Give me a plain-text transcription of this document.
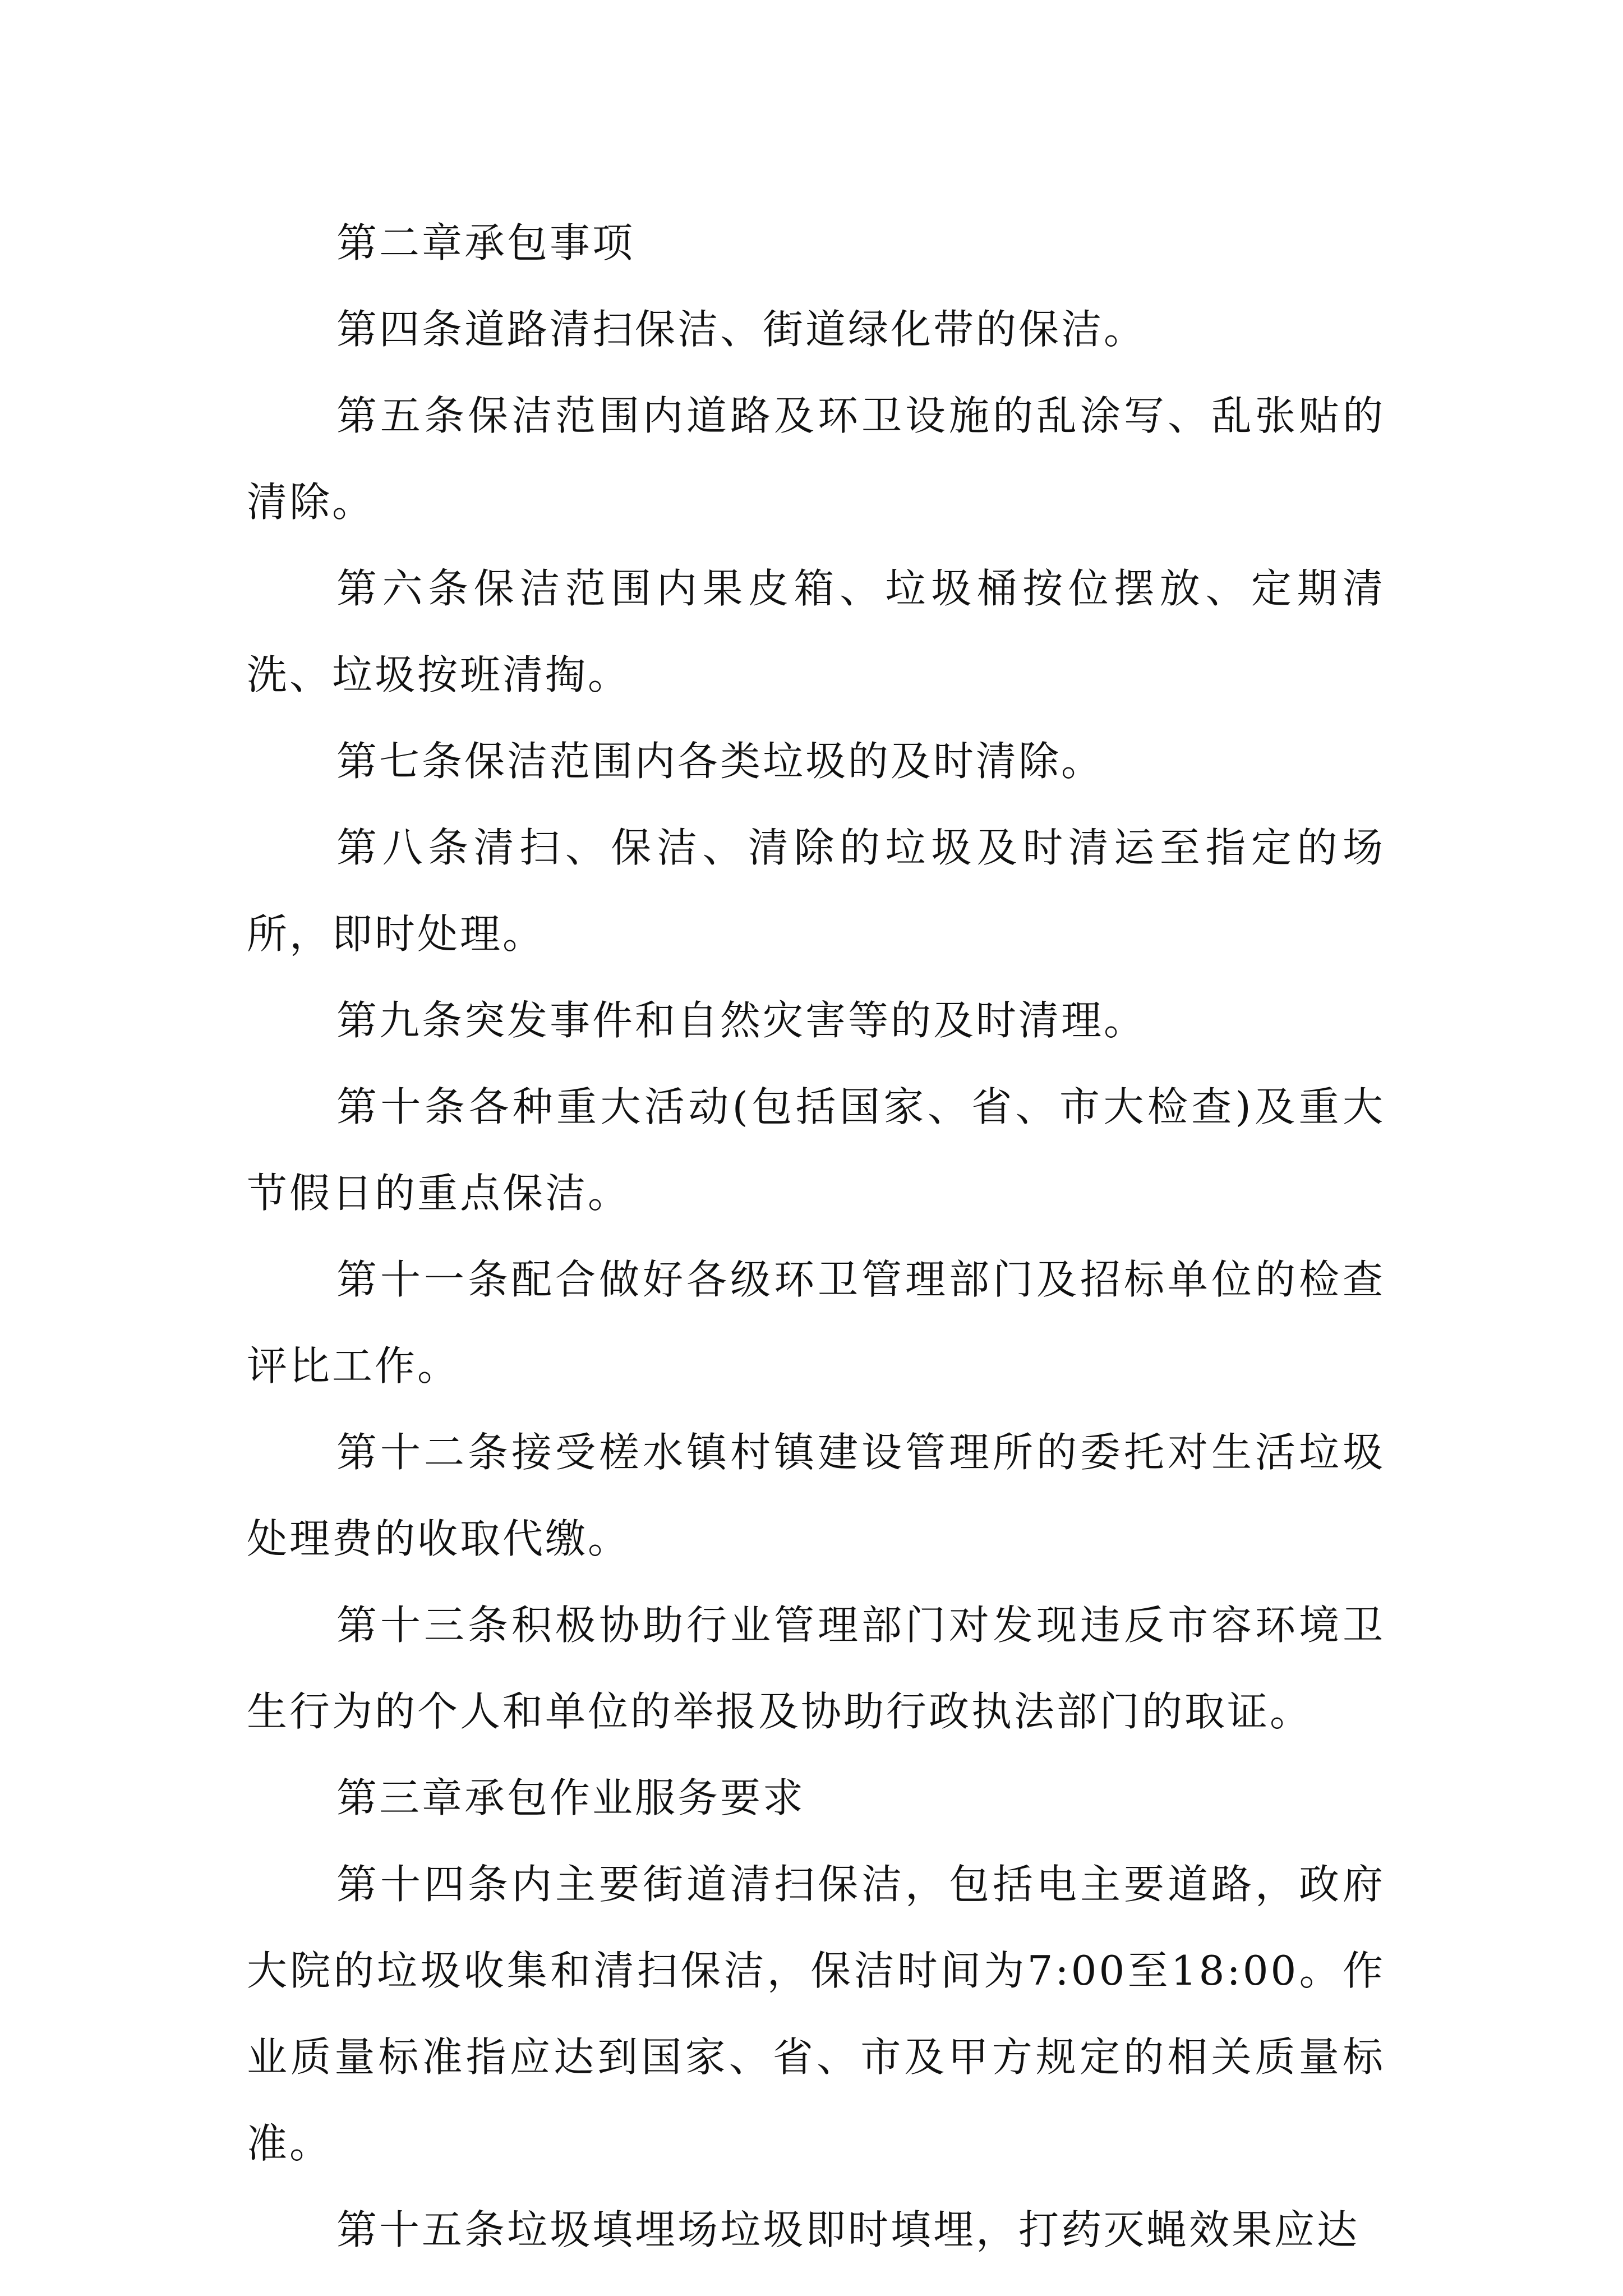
第二章承包事项

第四条道路清扫保洁、街道绿化带的保洁。

第五条保洁范围内道路及环卫设施的乱涂写、乱张贴的清除。

第六条保洁范围内果皮箱、垃圾桶按位摆放、定期清洗、垃圾按班清掏。

第七条保洁范围内各类垃圾的及时清除。

第八条清扫、保洁、清除的垃圾及时清运至指定的场所，即时处理。

第九条突发事件和自然灾害等的及时清理。

第十条各种重大活动(包括国家、省、市大检查)及重大节假日的重点保洁。

第十一条配合做好各级环卫管理部门及招标单位的检查评比工作。

第十二条接受槎水镇村镇建设管理所的委托对生活垃圾处理费的收取代缴。

第十三条积极协助行业管理部门对发现违反市容环境卫生行为的个人和单位的举报及协助行政执法部门的取证。

第三章承包作业服务要求

第十四条内主要街道清扫保洁，包括电主要道路，政府大院的垃圾收集和清扫保洁，保洁时间为7:00至18:00。作业质量标准指应达到国家、省、市及甲方规定的相关质量标准。

第十五条垃圾填埋场垃圾即时填埋，打药灭蝇效果应达
